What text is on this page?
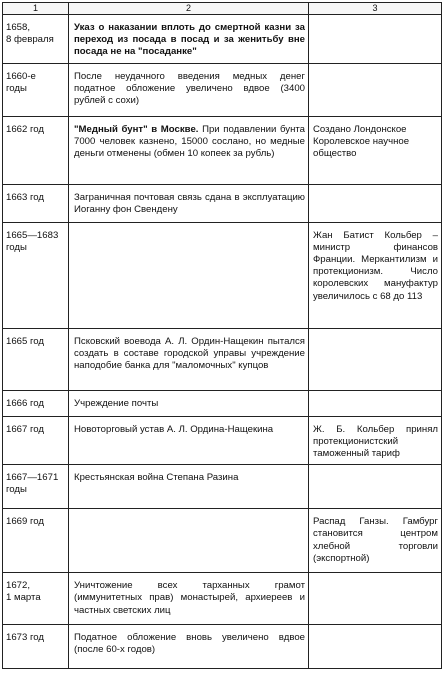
1	2	3

1658,
8 февраля	Указ о наказании вплоть до смертной казни за переход из посада в посад и за женитьбу вне посада не на "посаданке"	

1660-е
годы	После неудачного введения медных денег податное обложение увеличено вдвое (3400 рублей с сохи)	

1662 год	"Медный бунт" в Москве. При подавлении бунта 7000 человек казнено, 15000 сослано, но медные деньги отменены (обмен 10 копеек за рубль)	Создано Лондонское Королевское научное общество

1663 год	Заграничная почтовая связь сдана в эксплуатацию Иоганну фон Свендену	

1665—1683
годы		Жан Батист Кольбер – министр финансов Франции. Меркантилизм и протекционизм. Число королевских мануфактур увеличилось с 68 до 113

1665 год	Псковский воевода А. Л. Ордин-Нащекин пытался создать в составе городской управы учреждение наподобие банка для "маломочных" купцов	

1666 год	Учреждение почты	

1667 год	Новоторговый устав А. Л. Ордина-Нащекина	Ж. Б. Кольбер принял протекционистский таможенный тариф

1667—1671
годы	Крестьянская война Степана Разина	

1669 год		Распад Ганзы. Гамбург становится центром хлебной торговли (экспортной)

1672,
1 марта	Уничтожение всех тарханных грамот (иммунитетных прав) монастырей, архиереев и частных светских лиц	

1673 год	Податное обложение вновь увеличено вдвое (после 60-х годов)	
